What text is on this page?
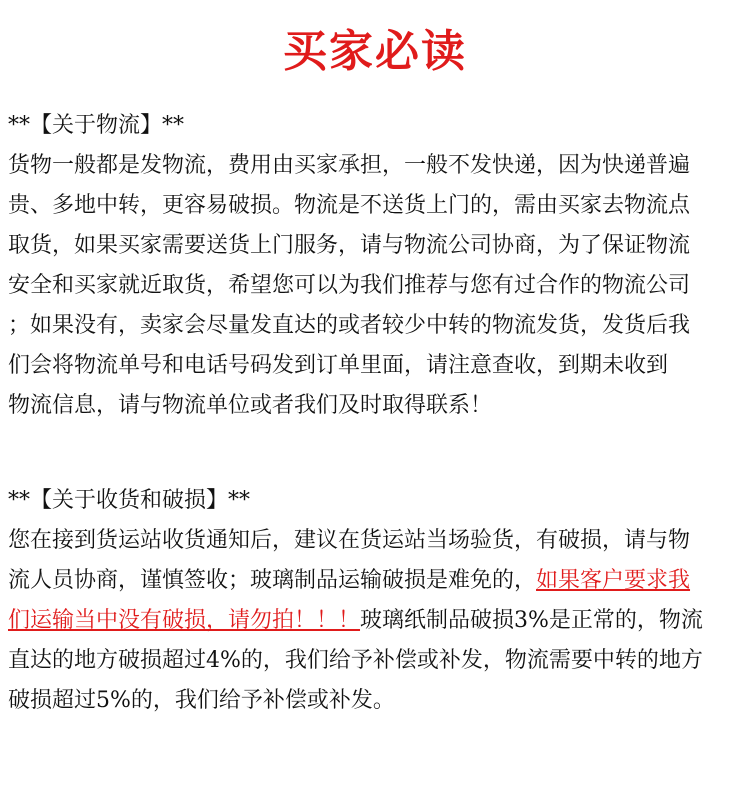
买家必读
**【关于物流】**
货物一般都是发物流，费用由买家承担，一般不发快递，因为快递普遍
贵、多地中转，更容易破损。物流是不送货上门的，需由买家去物流点
取货，如果买家需要送货上门服务，请与物流公司协商，为了保证物流
安全和买家就近取货，希望您可以为我们推荐与您有过合作的物流公司
；如果没有，卖家会尽量发直达的或者较少中转的物流发货，发货后我
们会将物流单号和电话号码发到订单里面，请注意查收，到期未收到
物流信息，请与物流单位或者我们及时取得联系！
**【关于收货和破损】**
您在接到货运站收货通知后，建议在货运站当场验货，有破损，请与物
流人员协商，谨慎签收；玻璃制品运输破损是难免的，如果客户要求我
们运输当中没有破损，请勿拍！！！玻璃纸制品破损3%是正常的，物流
直达的地方破损超过4%的，我们给予补偿或补发，物流需要中转的地方
破损超过5%的，我们给予补偿或补发。
